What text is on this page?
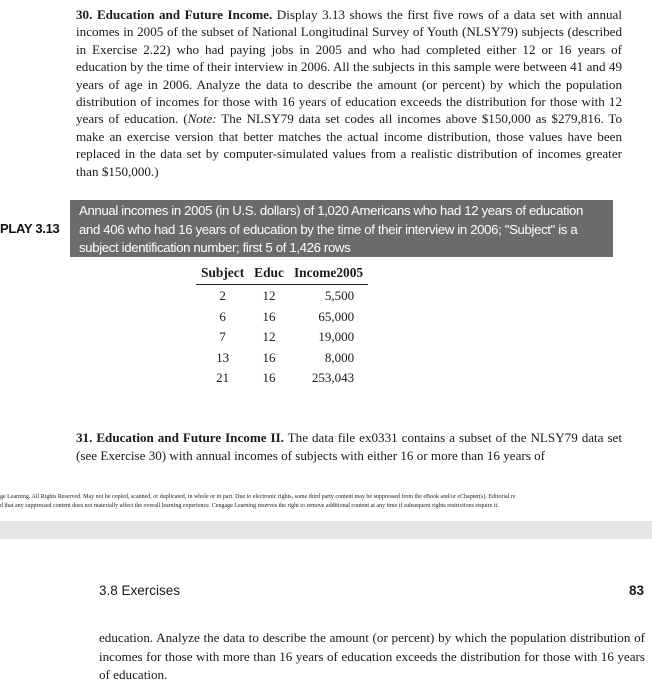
30. Education and Future Income. Display 3.13 shows the first five rows of a data set with annual incomes in 2005 of the subset of National Longitudinal Survey of Youth (NLSY79) subjects (described in Exercise 2.22) who had paying jobs in 2005 and who had completed either 12 or 16 years of education by the time of their interview in 2006. All the subjects in this sample were between 41 and 49 years of age in 2006. Analyze the data to describe the amount (or percent) by which the population distribution of incomes for those with 16 years of education exceeds the distribution for those with 12 years of education. (Note: The NLSY79 data set codes all incomes above $150,000 as $279,816. To make an exercise version that better matches the actual income distribution, those values have been replaced in the data set by computer-simulated values from a realistic distribution of incomes greater than $150,000.)
PLAY 3.13
Annual incomes in 2005 (in U.S. dollars) of 1,020 Americans who had 12 years of education and 406 who had 16 years of education by the time of their interview in 2006; "Subject" is a subject identification number; first 5 of 1,426 rows
Subject	Educ	Income2005
2	12	5,500
6	16	65,000
7	12	19,000
13	16	8,000
21	16	253,043
31. Education and Future Income II. The data file ex0331 contains a subset of the NLSY79 data set (see Exercise 30) with annual incomes of subjects with either 16 or more than 16 years of
ge Learning. All Rights Reserved. May not be copied, scanned, or duplicated, in whole or in part. Due to electronic rights, some third party content may be suppressed from the eBook and/or eChapter(s). Editorial re
d that any suppressed content does not materially affect the overall learning experience. Cengage Learning reserves the right to remove additional content at any time if subsequent rights restrictions require it.
3.8 Exercises	83
education. Analyze the data to describe the amount (or percent) by which the population distribution of incomes for those with more than 16 years of education exceeds the distribution for those with 16 years of education.
